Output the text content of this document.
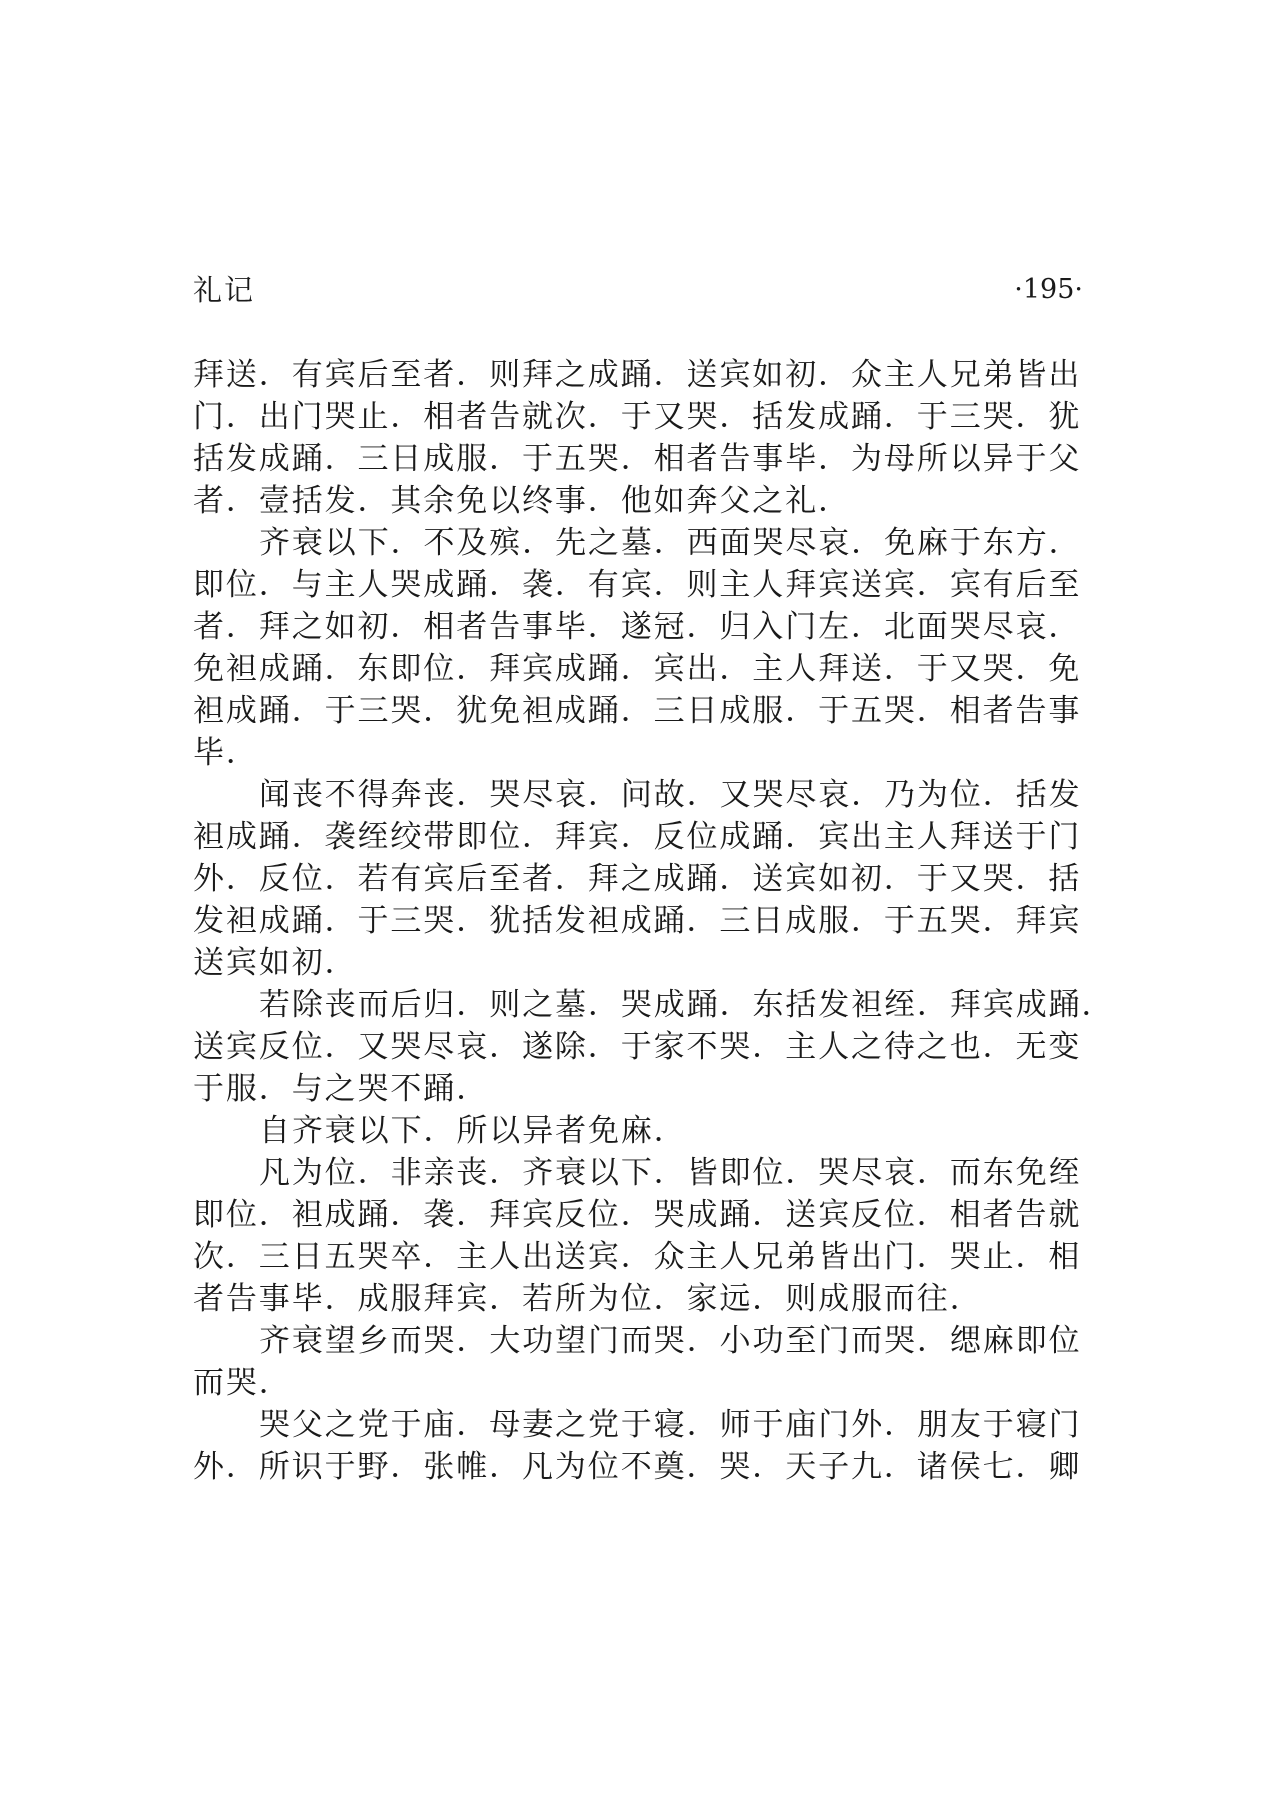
礼记	·195·
拜送．有宾后至者．则拜之成踊．送宾如初．众主人兄弟皆出
门．出门哭止．相者告就次．于又哭．括发成踊．于三哭．犹
括发成踊．三日成服．于五哭．相者告事毕．为母所以异于父
者．壹括发．其余免以终事．他如奔父之礼．
齐衰以下．不及殡．先之墓．西面哭尽哀．免麻于东方．
即位．与主人哭成踊．袭．有宾．则主人拜宾送宾．宾有后至
者．拜之如初．相者告事毕．遂冠．归入门左．北面哭尽哀．
免袒成踊．东即位．拜宾成踊．宾出．主人拜送．于又哭．免
袒成踊．于三哭．犹免袒成踊．三日成服．于五哭．相者告事
毕．
闻丧不得奔丧．哭尽哀．问故．又哭尽哀．乃为位．括发
袒成踊．袭绖绞带即位．拜宾．反位成踊．宾出主人拜送于门
外．反位．若有宾后至者．拜之成踊．送宾如初．于又哭．括
发袒成踊．于三哭．犹括发袒成踊．三日成服．于五哭．拜宾
送宾如初．
若除丧而后归．则之墓．哭成踊．东括发袒绖．拜宾成踊．
送宾反位．又哭尽哀．遂除．于家不哭．主人之待之也．无变
于服．与之哭不踊．
自齐衰以下．所以异者免麻．
凡为位．非亲丧．齐衰以下．皆即位．哭尽哀．而东免绖
即位．袒成踊．袭．拜宾反位．哭成踊．送宾反位．相者告就
次．三日五哭卒．主人出送宾．众主人兄弟皆出门．哭止．相
者告事毕．成服拜宾．若所为位．家远．则成服而往．
齐衰望乡而哭．大功望门而哭．小功至门而哭．缌麻即位
而哭．
哭父之党于庙．母妻之党于寝．师于庙门外．朋友于寝门
外．所识于野．张帷．凡为位不奠．哭．天子九．诸侯七．卿
